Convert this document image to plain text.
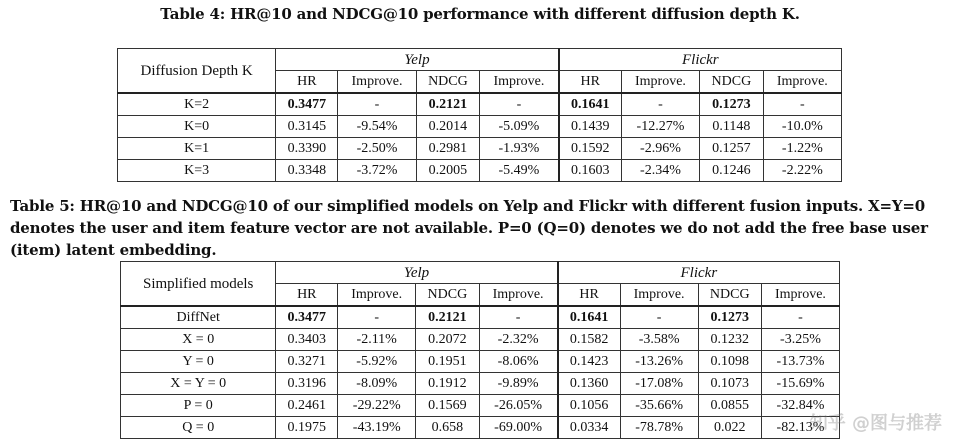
Table 4: HR@10 and NDCG@10 performance with different diffusion depth K.
Diffusion Depth K	Yelp				Flickr			
	HR	Improve.	NDCG	Improve.	HR	Improve.	NDCG	Improve.
K=2	0.3477	-	0.2121	-	0.1641	-	0.1273	-
K=0	0.3145	-9.54%	0.2014	-5.09%	0.1439	-12.27%	0.1148	-10.0%
K=1	0.3390	-2.50%	0.2981	-1.93%	0.1592	-2.96%	0.1257	-1.22%
K=3	0.3348	-3.72%	0.2005	-5.49%	0.1603	-2.34%	0.1246	-2.22%
Table 5: HR@10 and NDCG@10 of our simplified models on Yelp and Flickr with different fusion inputs. X=Y=0 denotes the user and item feature vector are not available. P=0 (Q=0) denotes we do not add the free base user (item) latent embedding.
Simplified models	Yelp				Flickr			
	HR	Improve.	NDCG	Improve.	HR	Improve.	NDCG	Improve.
DiffNet	0.3477	-	0.2121	-	0.1641	-	0.1273	-
X = 0	0.3403	-2.11%	0.2072	-2.32%	0.1582	-3.58%	0.1232	-3.25%
Y = 0	0.3271	-5.92%	0.1951	-8.06%	0.1423	-13.26%	0.1098	-13.73%
X = Y = 0	0.3196	-8.09%	0.1912	-9.89%	0.1360	-17.08%	0.1073	-15.69%
P = 0	0.2461	-29.22%	0.1569	-26.05%	0.1056	-35.66%	0.0855	-32.84%
Q = 0	0.1975	-43.19%	0.658	-69.00%	0.0334	-78.78%	0.022	-82.13%
知乎 @图与推荐
